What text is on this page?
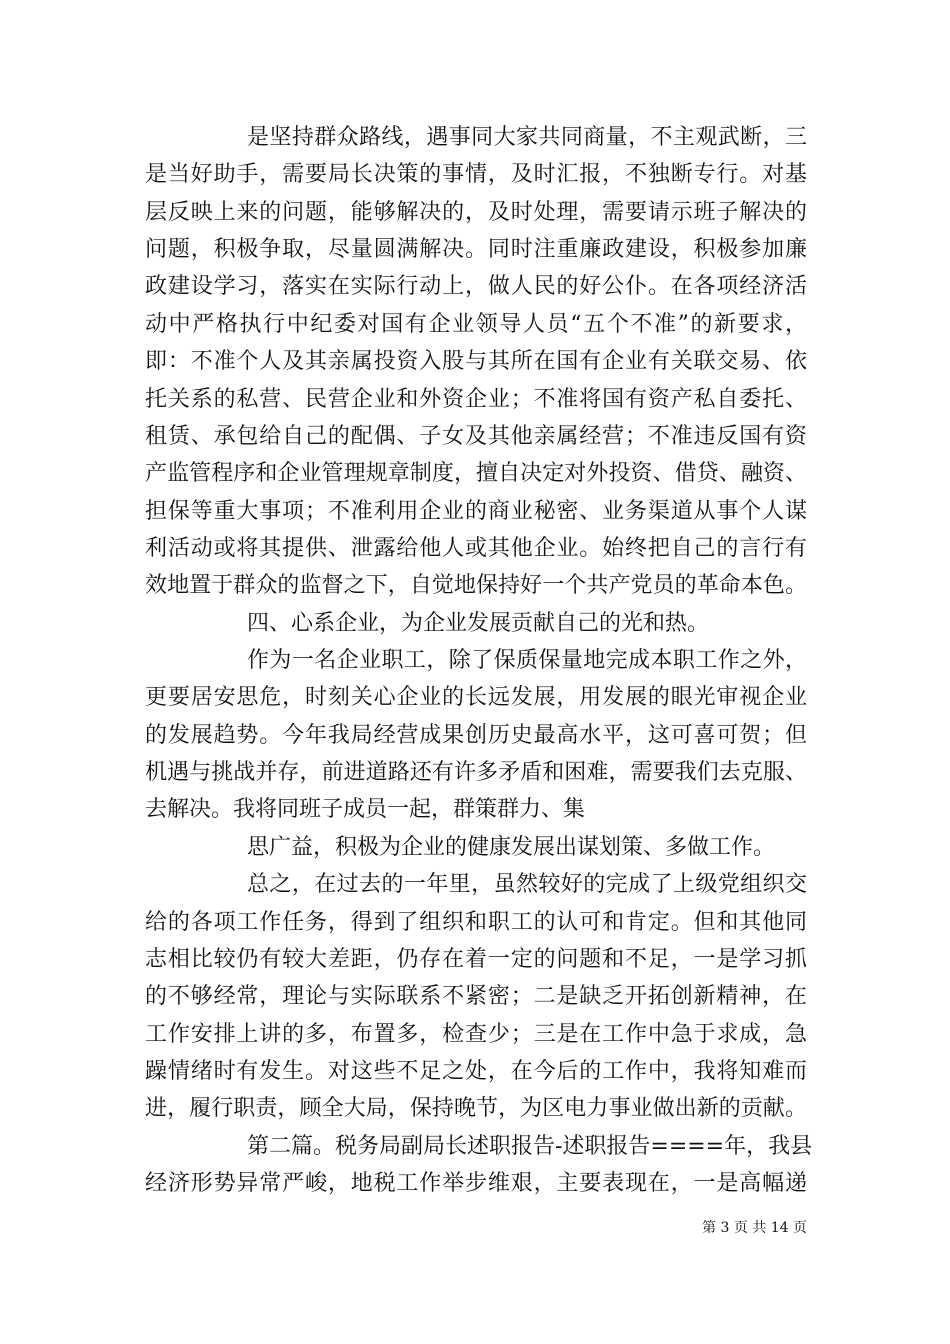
是坚持群众路线，遇事同大家共同商量，不主观武断，三
是当好助手，需要局长决策的事情，及时汇报，不独断专行。对基
层反映上来的问题，能够解决的，及时处理，需要请示班子解决的
问题，积极争取，尽量圆满解决。同时注重廉政建设，积极参加廉
政建设学习，落实在实际行动上，做人民的好公仆。在各项经济活
动中严格执行中纪委对国有企业领导人员“五个不准”的新要求，
即：不准个人及其亲属投资入股与其所在国有企业有关联交易、依
托关系的私营、民营企业和外资企业；不准将国有资产私自委托、
租赁、承包给自己的配偶、子女及其他亲属经营；不准违反国有资
产监管程序和企业管理规章制度，擅自决定对外投资、借贷、融资、
担保等重大事项；不准利用企业的商业秘密、业务渠道从事个人谋
利活动或将其提供、泄露给他人或其他企业。始终把自己的言行有
效地置于群众的监督之下，自觉地保持好一个共产党员的革命本色。
四、心系企业，为企业发展贡献自己的光和热。
作为一名企业职工，除了保质保量地完成本职工作之外，
更要居安思危，时刻关心企业的长远发展，用发展的眼光审视企业
的发展趋势。今年我局经营成果创历史最高水平，这可喜可贺；但
机遇与挑战并存，前进道路还有许多矛盾和困难，需要我们去克服、
去解决。我将同班子成员一起，群策群力、集
思广益，积极为企业的健康发展出谋划策、多做工作。
总之，在过去的一年里，虽然较好的完成了上级党组织交
给的各项工作任务，得到了组织和职工的认可和肯定。但和其他同
志相比较仍有较大差距，仍存在着一定的问题和不足，一是学习抓
的不够经常，理论与实际联系不紧密；二是缺乏开拓创新精神，在
工作安排上讲的多，布置多，检查少；三是在工作中急于求成，急
躁情绪时有发生。对这些不足之处，在今后的工作中，我将知难而
进，履行职责，顾全大局，保持晚节，为区电力事业做出新的贡献。
第二篇。税务局副局长述职报告-述职报告====年，我县
经济形势异常严峻，地税工作举步维艰，主要表现在，一是高幅递
第 3 页 共 14 页
